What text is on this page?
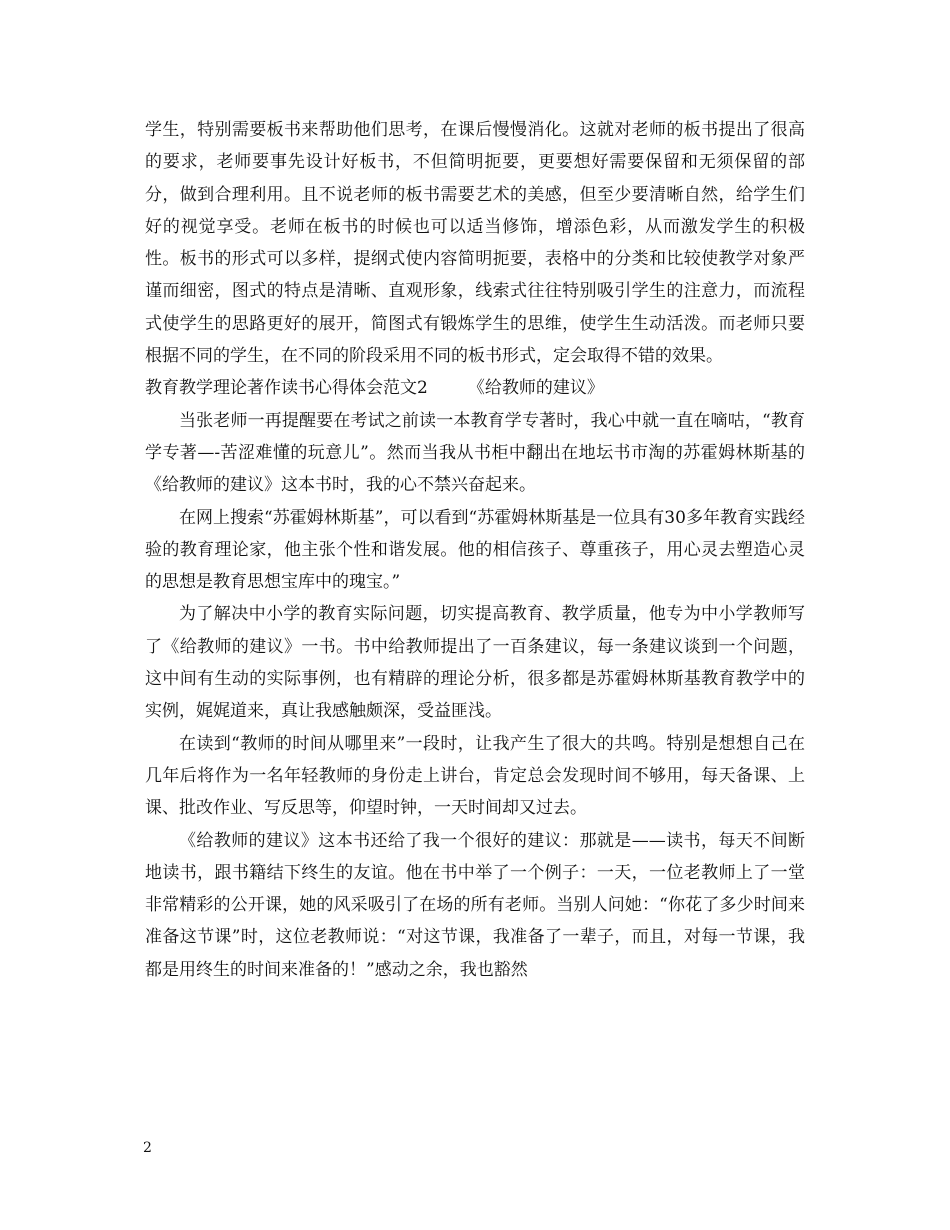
学生，特别需要板书来帮助他们思考，在课后慢慢消化。这就对老师的板书提出了很高的要求，老师要事先设计好板书，不但简明扼要，更要想好需要保留和无须保留的部分，做到合理利用。且不说老师的板书需要艺术的美感，但至少要清晰自然，给学生们好的视觉享受。老师在板书的时候也可以适当修饰，增添色彩，从而激发学生的积极性。板书的形式可以多样，提纲式使内容简明扼要，表格中的分类和比较使教学对象严谨而细密，图式的特点是清晰、直观形象，线索式往往特别吸引学生的注意力，而流程式使学生的思路更好的展开，简图式有锻炼学生的思维，使学生生动活泼。而老师只要根据不同的学生，在不同的阶段采用不同的板书形式，定会取得不错的效果。

教育教学理论著作读书心得体会范文2 《给教师的建议》

当张老师一再提醒要在考试之前读一本教育学专著时，我心中就一直在嘀咕，“教育学专著—-苦涩难懂的玩意儿”。然而当我从书柜中翻出在地坛书市淘的苏霍姆林斯基的《给教师的建议》这本书时，我的心不禁兴奋起来。

在网上搜索“苏霍姆林斯基”，可以看到“苏霍姆林斯基是一位具有30多年教育实践经验的教育理论家，他主张个性和谐发展。他的相信孩子、尊重孩子，用心灵去塑造心灵的思想是教育思想宝库中的瑰宝。”

为了解决中小学的教育实际问题，切实提高教育、教学质量，他专为中小学教师写了《给教师的建议》一书。书中给教师提出了一百条建议，每一条建议谈到一个问题，这中间有生动的实际事例，也有精辟的理论分析，很多都是苏霍姆林斯基教育教学中的实例，娓娓道来，真让我感触颇深，受益匪浅。

在读到“教师的时间从哪里来”一段时，让我产生了很大的共鸣。特别是想想自己在几年后将作为一名年轻教师的身份走上讲台，肯定总会发现时间不够用，每天备课、上课、批改作业、写反思等，仰望时钟，一天时间却又过去。

《给教师的建议》这本书还给了我一个很好的建议：那就是——读书，每天不间断地读书，跟书籍结下终生的友谊。他在书中举了一个例子：一天，一位老教师上了一堂非常精彩的公开课，她的风采吸引了在场的所有老师。当别人问她：“你花了多少时间来准备这节课”时，这位老教师说：“对这节课，我准备了一辈子，而且，对每一节课，我都是用终生的时间来准备的！”感动之余，我也豁然

2
